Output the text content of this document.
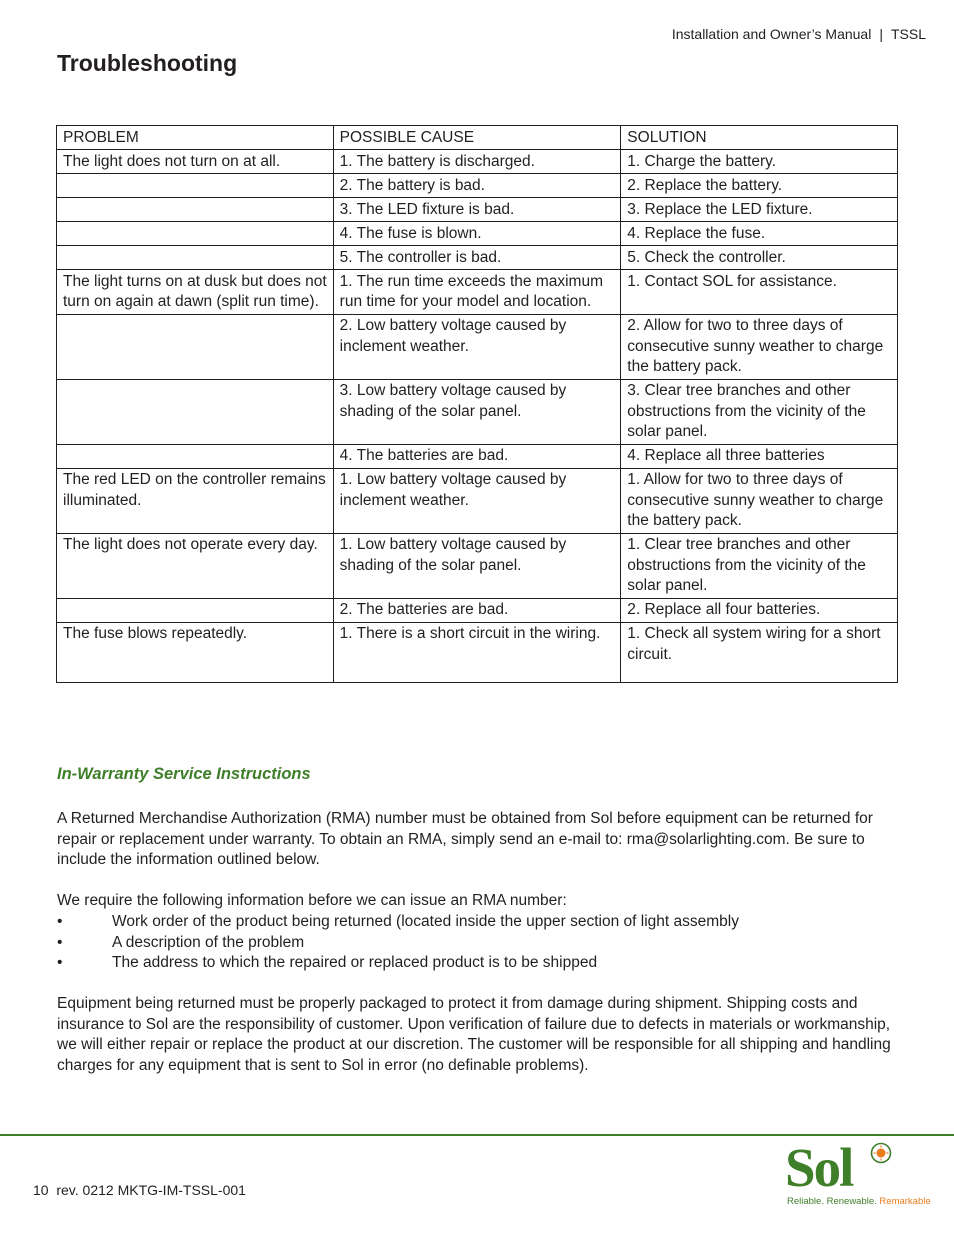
Installation and Owner’s Manual | TSSL
Troubleshooting
PROBLEM	POSSIBLE CAUSE	SOLUTION
The light does not turn on at all.	1. The battery is discharged.	1. Charge the battery.
	2. The battery is bad.	2. Replace the battery.
	3. The LED fixture is bad.	3. Replace the LED fixture.
	4. The fuse is blown.	4. Replace the fuse.
	5. The controller is bad.	5. Check the controller.
The light turns on at dusk but does not turn on again at dawn (split run time).	1. The run time exceeds the maximum run time for your model and location.	1. Contact SOL for assistance.
	2. Low battery voltage caused by inclement weather.	2. Allow for two to three days of consecutive sunny weather to charge the battery pack.
	3. Low battery voltage caused by shading of the solar panel.	3. Clear tree branches and other obstructions from the vicinity of the solar panel.
	4. The batteries are bad.	4. Replace all three batteries
The red LED on the controller remains illuminated.	1. Low battery voltage caused by inclement weather.	1. Allow for two to three days of consecutive sunny weather to charge the battery pack.
The light does not operate every day.	1. Low battery voltage caused by shading of the solar panel.	1. Clear tree branches and other obstructions from the vicinity of the solar panel.
	2. The batteries are bad.	2. Replace all four batteries.
The fuse blows repeatedly.	1. There is a short circuit in the wiring.	1. Check all system wiring for a short circuit.
In-Warranty Service Instructions

A Returned Merchandise Authorization (RMA) number must be obtained from Sol before equipment can be returned for repair or replacement under warranty. To obtain an RMA, simply send an e-mail to: rma@solarlighting.com. Be sure to include the information outlined below.

We require the following information before we can issue an RMA number:

•	Work order of the product being returned (located inside the upper section of light assembly
•	A description of the problem
•	The address to which the repaired or replaced product is to be shipped

Equipment being returned must be properly packaged to protect it from damage during shipment. Shipping costs and insurance to Sol are the responsibility of customer. Upon verification of failure due to defects in materials or workmanship, we will either repair or replace the product at our discretion. The customer will be responsible for all shipping and handling charges for any equipment that is sent to Sol in error (no definable problems).

10 rev. 0212 MKTG-IM-TSSL-001	Sol
Reliable. Renewable. Remarkable
